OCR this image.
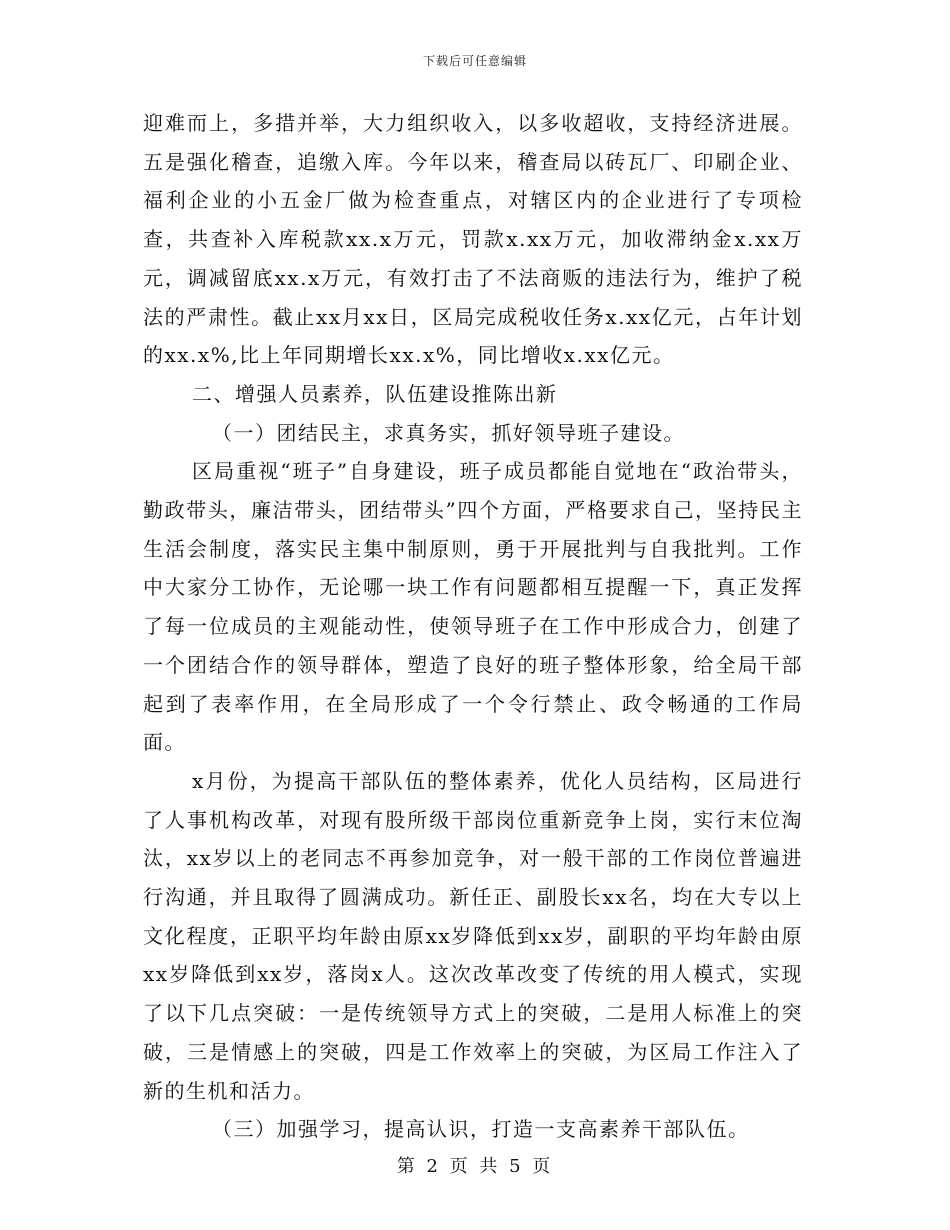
下载后可任意编辑

迎难而上，多措并举，大力组织收入，以多收超收，支持经济进展。五是强化稽查，追缴入库。今年以来，稽查局以砖瓦厂、印刷企业、福利企业的小五金厂做为检查重点，对辖区内的企业进行了专项检查，共查补入库税款xx.x万元，罚款x.xx万元，加收滞纳金x.xx万元，调减留底xx.x万元，有效打击了不法商贩的违法行为，维护了税法的严肃性。截止xx月xx日，区局完成税收任务x.xx亿元，占年计划的xx.x%,比上年同期增长xx.x%，同比增收x.xx亿元。

二、增强人员素养，队伍建设推陈出新

（一）团结民主，求真务实，抓好领导班子建设。

区局重视“班子”自身建设，班子成员都能自觉地在“政治带头，勤政带头，廉洁带头，团结带头”四个方面，严格要求自己，坚持民主生活会制度，落实民主集中制原则，勇于开展批判与自我批判。工作中大家分工协作，无论哪一块工作有问题都相互提醒一下，真正发挥了每一位成员的主观能动性，使领导班子在工作中形成合力，创建了一个团结合作的领导群体，塑造了良好的班子整体形象，给全局干部起到了表率作用，在全局形成了一个令行禁止、政令畅通的工作局面。

x月份，为提高干部队伍的整体素养，优化人员结构，区局进行了人事机构改革，对现有股所级干部岗位重新竞争上岗，实行末位淘汰，xx岁以上的老同志不再参加竞争，对一般干部的工作岗位普遍进行沟通，并且取得了圆满成功。新任正、副股长xx名，均在大专以上文化程度，正职平均年龄由原xx岁降低到xx岁，副职的平均年龄由原xx岁降低到xx岁，落岗x人。这次改革改变了传统的用人模式，实现了以下几点突破：一是传统领导方式上的突破，二是用人标准上的突破，三是情感上的突破，四是工作效率上的突破，为区局工作注入了新的生机和活力。

（三）加强学习，提高认识，打造一支高素养干部队伍。

第 2 页 共 5 页
